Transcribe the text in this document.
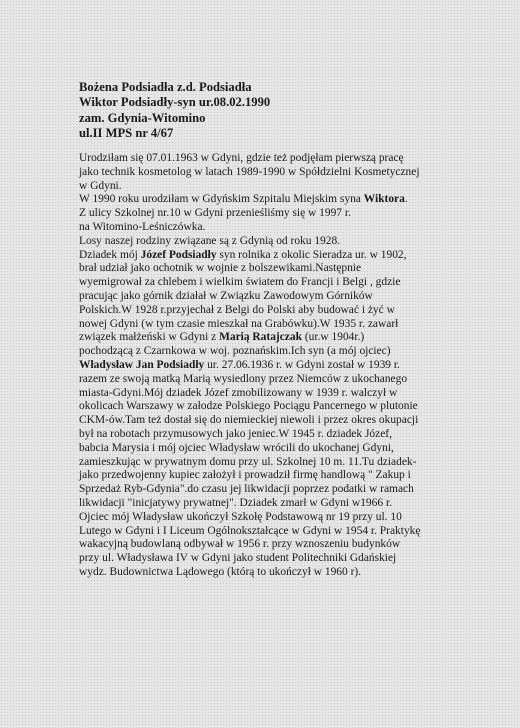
Bożena Podsiadła z.d. Podsiadła
Wiktor Podsiadły-syn ur.08.02.1990
zam. Gdynia-Witomino
ul.II MPS nr 4/67
Urodziłam się 07.01.1963 w Gdyni, gdzie też podjęłam pierwszą pracę
jako technik kosmetolog w latach 1989-1990 w Spółdzielni Kosmetycznej
w Gdyni.
W 1990 roku urodziłam w Gdyńskim Szpitalu Miejskim syna Wiktora.
Z ulicy Szkolnej nr.10 w Gdyni przenieśliśmy się w 1997 r.
na Witomino-Leśniczówka.
Losy naszej rodziny związane są z Gdynią od roku 1928.
Dziadek mój Józef Podsiadły syn rolnika z okolic Sieradza ur. w 1902,
brał udział jako ochotnik w wojnie z bolszewikami.Następnie
wyemigrował za chlebem i wielkim światem do Francji i Belgi , gdzie
pracując jako górnik działał w Związku Zawodowym Górników
Polskich.W 1928 r.przyjechał z Belgi do Polski aby budować i żyć w
nowej Gdyni (w tym czasie mieszkał na Grabówku).W 1935 r. zawarł
związek małżeński w Gdyni z Marią Ratajczak (ur.w 1904r.)
pochodzącą z Czarnkowa w woj. poznańskim.Ich syn (a mój ojciec)
Władysław Jan Podsiadły ur. 27.06.1936 r. w Gdyni został w 1939 r.
razem ze swoją matką Marią wysiedlony przez Niemców z ukochanego
miasta-Gdyni.Mój dziadek Józef zmobilizowany w 1939 r. walczył w
okolicach Warszawy w załodze Polskiego Pociągu Pancernego w plutonie
CKM-ów.Tam też dostał się do niemieckiej niewoli i przez okres okupacji
był na robotach przymusowych jako jeniec.W 1945 r. dziadek Józef,
babcia Marysia i mój ojciec Władysław wrócili do ukochanej Gdyni,
zamieszkując w prywatnym domu przy ul. Szkolnej 10 m. 11.Tu dziadek-
jako przedwojenny kupiec założył i prowadził firmę handlową " Zakup i
Sprzedaż Ryb-Gdynia".do czasu jej likwidacji poprzez podatki w ramach
likwidacji "inicjatywy prywatnej". Dziadek zmarł w Gdyni w1966 r.
Ojciec mój Władysław ukończył Szkołę Podstawową nr 19 przy ul. 10
Lutego w Gdyni i I Liceum Ogólnokształcące w Gdyni w 1954 r. Praktykę
wakacyjną budowlaną odbywał w 1956 r. przy wznoszeniu budynków
przy ul. Władysława IV w Gdyni jako student Politechniki Gdańskiej
wydz. Budownictwa Lądowego (którą to ukończył w 1960 r).
